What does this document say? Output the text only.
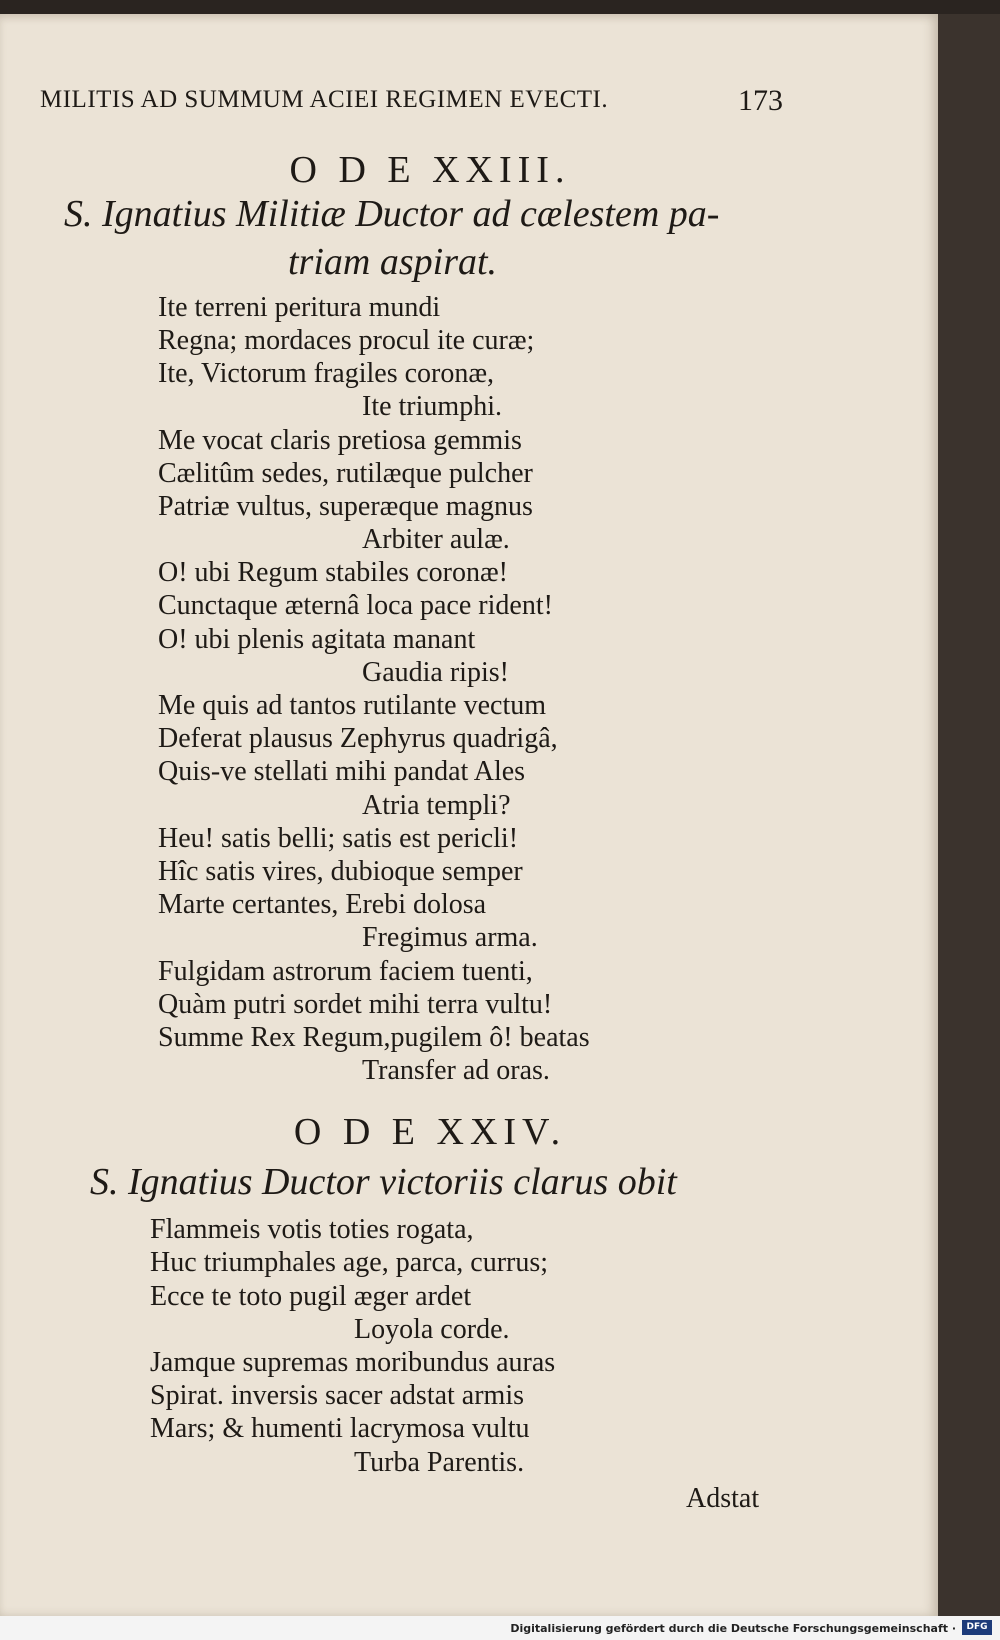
MILITIS AD SUMMUM ACIEI REGIMEN EVECTI.	173
O D E XXIII.
S. Ignatius Militiæ Ductor ad cælestem pa-
triam aspirat.
Ite terreni peritura mundi
Regna; mordaces procul ite curæ;
Ite, Victorum fragiles coronæ,
Ite triumphi.
Me vocat claris pretiosa gemmis
Cælitûm sedes, rutilæque pulcher
Patriæ vultus, superæque magnus
Arbiter aulæ.
O! ubi Regum stabiles coronæ!
Cunctaque æternâ loca pace rident!
O! ubi plenis agitata manant
Gaudia ripis!
Me quis ad tantos rutilante vectum
Deferat plausus Zephyrus quadrigâ,
Quis-ve stellati mihi pandat Ales
Atria templi?
Heu! satis belli; satis est pericli!
Hîc satis vires, dubioque semper
Marte certantes, Erebi dolosa
Fregimus arma.
Fulgidam astrorum faciem tuenti,
Quàm putri sordet mihi terra vultu!
Summe Rex Regum,pugilem ô! beatas
Transfer ad oras.
O D E XXIV.
S. Ignatius Ductor victoriis clarus obit
Flammeis votis toties rogata,
Huc triumphales age, parca, currus;
Ecce te toto pugil æger ardet
Loyola corde.
Jamque supremas moribundus auras
Spirat. inversis sacer adstat armis
Mars; & humenti lacrymosa vultu
Turba Parentis.
Adstat
Digitalisierung gefördert durch die Deutsche Forschungsgemeinschaft ·	DFG
